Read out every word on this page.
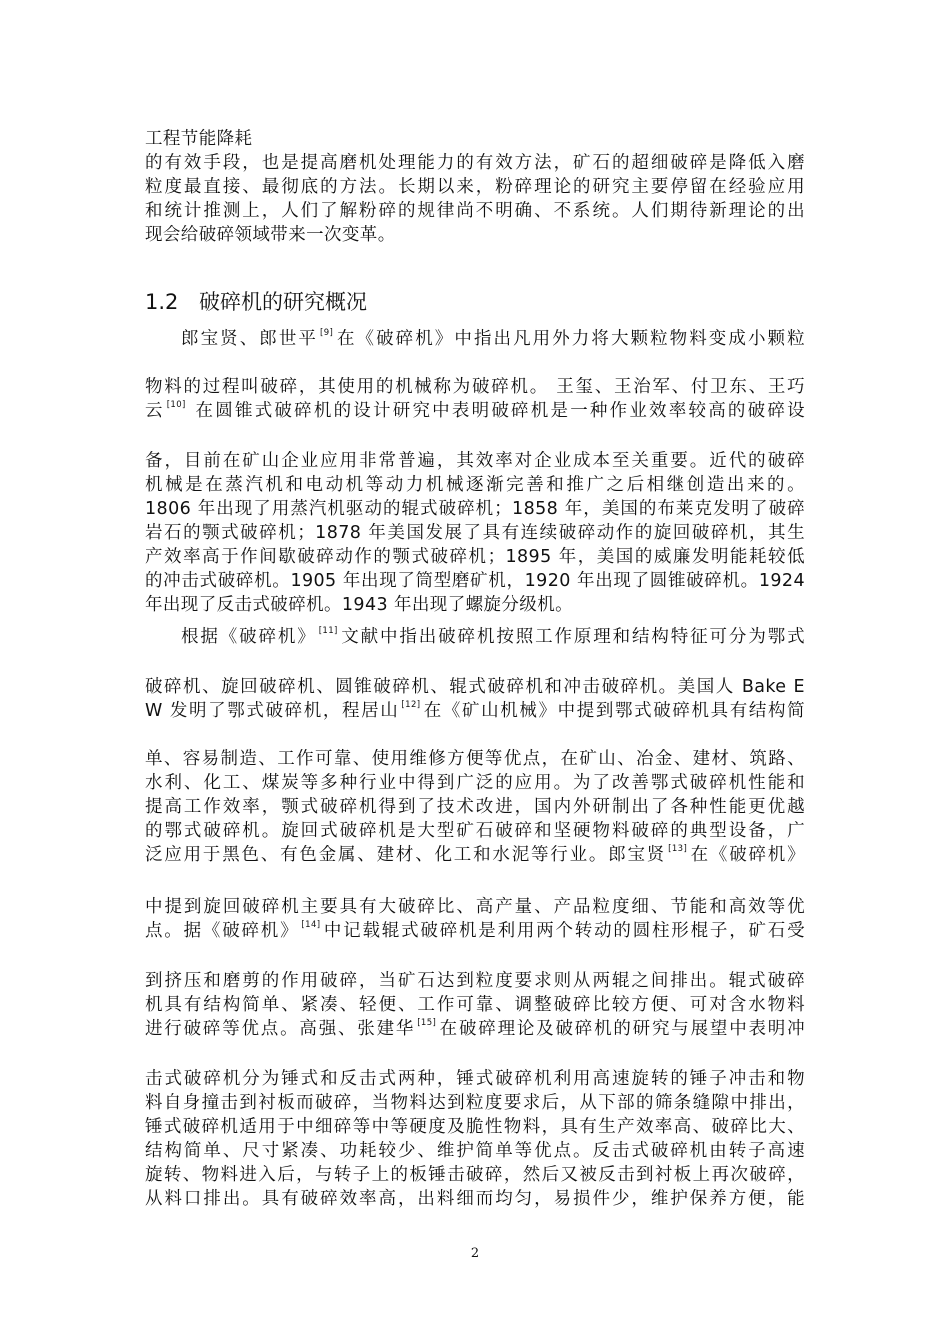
工程节能降耗
的有效手段，也是提高磨机处理能力的有效方法，矿石的超细破碎是降低入磨
粒度最直接、最彻底的方法。长期以来，粉碎理论的研究主要停留在经验应用
和统计推测上，人们了解粉碎的规律尚不明确、不系统。人们期待新理论的出
现会给破碎领域带来一次变革。
1.2 破碎机的研究概况
郎宝贤、郎世平 [9] 在《破碎机》中指出凡用外力将大颗粒物料变成小颗粒
物料的过程叫破碎，其使用的机械称为破碎机。 王玺、王治军、付卫东、王巧
云 [10] 在圆锥式破碎机的设计研究中表明破碎机是一种作业效率较高的破碎设
备，目前在矿山企业应用非常普遍，其效率对企业成本至关重要。近代的破碎
机械是在蒸汽机和电动机等动力机械逐渐完善和推广之后相继创造出来的。
1806 年出现了用蒸汽机驱动的辊式破碎机；1858 年，美国的布莱克发明了破碎
岩石的颚式破碎机；1878 年美国发展了具有连续破碎动作的旋回破碎机，其生
产效率高于作间歇破碎动作的颚式破碎机；1895 年，美国的威廉发明能耗较低
的冲击式破碎机。1905 年出现了筒型磨矿机，1920 年出现了圆锥破碎机。1924
年出现了反击式破碎机。1943 年出现了螺旋分级机。
根据《破碎机》 [11] 文献中指出破碎机按照工作原理和结构特征可分为鄂式
破碎机、旋回破碎机、圆锥破碎机、辊式破碎机和冲击破碎机。美国人 Bake E
W 发明了鄂式破碎机，程居山 [12] 在《矿山机械》中提到鄂式破碎机具有结构简
单、容易制造、工作可靠、使用维修方便等优点，在矿山、冶金、建材、筑路、
水利、化工、煤炭等多种行业中得到广泛的应用。为了改善鄂式破碎机性能和
提高工作效率，颚式破碎机得到了技术改进，国内外研制出了各种性能更优越
的鄂式破碎机。旋回式破碎机是大型矿石破碎和坚硬物料破碎的典型设备，广
泛应用于黑色、有色金属、建材、化工和水泥等行业。郎宝贤 [13] 在《破碎机》
中提到旋回破碎机主要具有大破碎比、高产量、产品粒度细、节能和高效等优
点。据《破碎机》 [14] 中记载辊式破碎机是利用两个转动的圆柱形棍子，矿石受
到挤压和磨剪的作用破碎，当矿石达到粒度要求则从两辊之间排出。辊式破碎
机具有结构简单、紧凑、轻便、工作可靠、调整破碎比较方便、可对含水物料
进行破碎等优点。高强、张建华 [15] 在破碎理论及破碎机的研究与展望中表明冲
击式破碎机分为锤式和反击式两种，锤式破碎机利用高速旋转的锤子冲击和物
料自身撞击到衬板而破碎，当物料达到粒度要求后，从下部的筛条缝隙中排出，
锤式破碎机适用于中细碎等中等硬度及脆性物料，具有生产效率高、破碎比大、
结构简单、尺寸紧凑、功耗较少、维护简单等优点。反击式破碎机由转子高速
旋转、物料进入后，与转子上的板锤击破碎，然后又被反击到衬板上再次破碎，
从料口排出。具有破碎效率高，出料细而均匀，易损件少，维护保养方便，能
2
